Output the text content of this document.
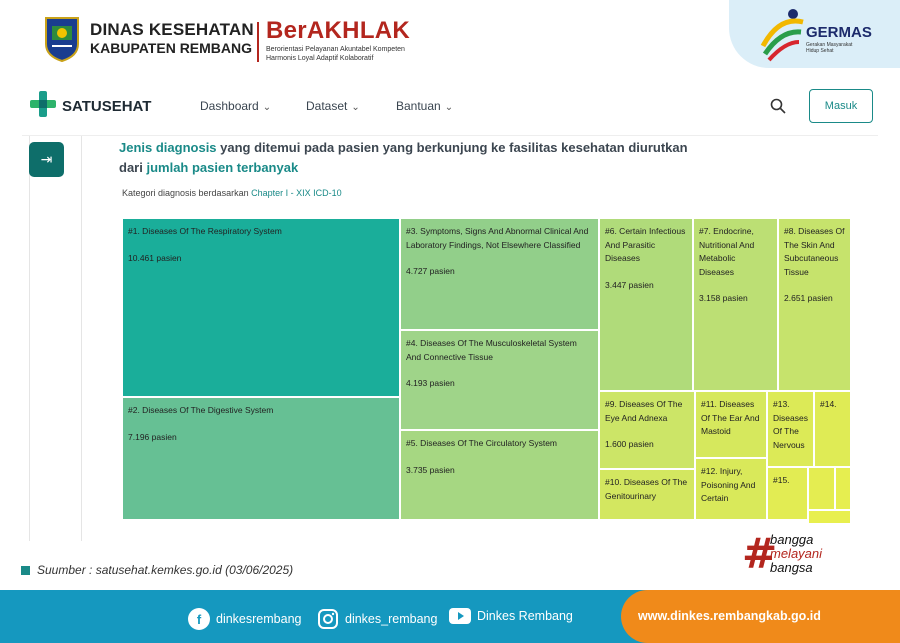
DINAS KESEHATAN
KABUPATEN REMBANG
BerAKHLAK
Berorientasi Pelayanan Akuntabel Kompeten
Harmonis Loyal Adaptif Kolaboratif
GERMAS
Gerakan Masyarakat
Hidup Sehat
SATUSEHAT	Dashboard ⌄	Dataset ⌄	Bantuan ⌄	Masuk
⇥
Jenis diagnosis yang ditemui pada pasien yang berkunjung ke fasilitas kesehatan diurutkan dari jumlah pasien terbanyak
Kategori diagnosis berdasarkan Chapter I - XIX ICD-10
#1. Diseases Of The Respiratory System
10.461 pasien
#2. Diseases Of The Digestive System
7.196 pasien
#3. Symptoms, Signs And Abnormal Clinical And Laboratory Findings, Not Elsewhere Classified
4.727 pasien
#4. Diseases Of The Musculoskeletal System And Connective Tissue
4.193 pasien
#5. Diseases Of The Circulatory System
3.735 pasien
#6. Certain Infectious And Parasitic Diseases
3.447 pasien
#7. Endocrine, Nutritional And Metabolic Diseases
3.158 pasien
#8. Diseases Of The Skin And Subcutaneous Tissue
2.651 pasien
#9. Diseases Of The Eye And Adnexa
1.600 pasien
#10. Diseases Of The Genitourinary
#11. Diseases Of The Ear And Mastoid
#12. Injury, Poisoning And Certain
#13. Diseases Of The Nervous
#14.
#15.
Suumber : satusehat.kemkes.go.id (03/06/2025)	#
bangga
melayani
bangsa
f	dinkesrembang	dinkes_rembang	Dinkes Rembang	www.dinkes.rembangkab.go.id
